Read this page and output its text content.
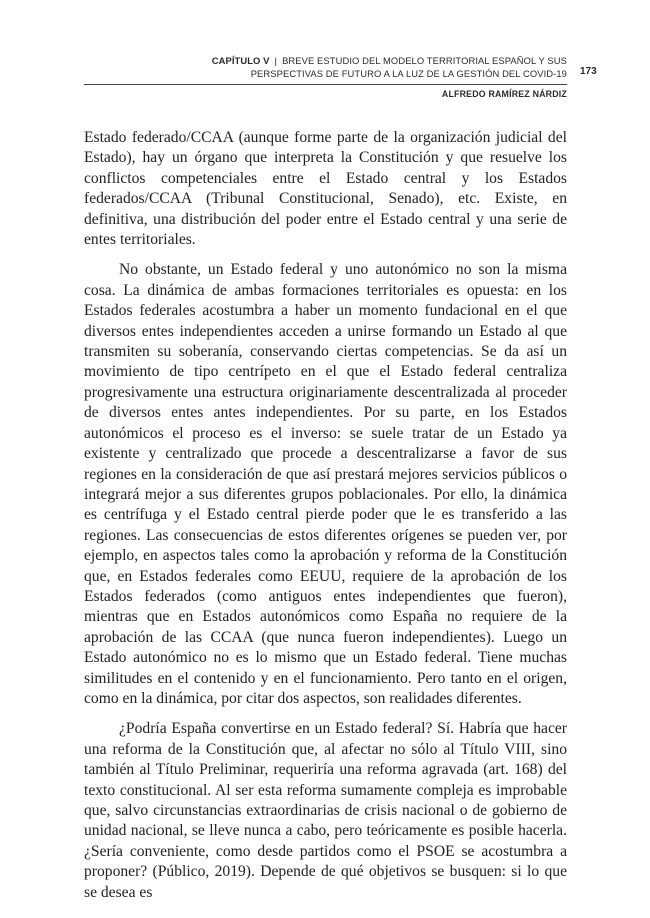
CAPÍTULO V | BREVE ESTUDIO DEL MODELO TERRITORIAL ESPAÑOL Y SUS PERSPECTIVAS DE FUTURO A LA LUZ DE LA GESTIÓN DEL COVID-19
ALFREDO RAMÍREZ NÁRDIZ
173

Estado federado/CCAA (aunque forme parte de la organización judicial del Estado), hay un órgano que interpreta la Constitución y que resuelve los conflictos competenciales entre el Estado central y los Estados federados/CCAA (Tribunal Constitucional, Senado), etc. Existe, en definitiva, una distribución del poder entre el Estado central y una serie de entes territoriales.

No obstante, un Estado federal y uno autonómico no son la misma cosa. La dinámica de ambas formaciones territoriales es opuesta: en los Estados federales acostumbra a haber un momento fundacional en el que diversos entes independientes acceden a unirse formando un Estado al que transmiten su soberanía, conservando ciertas competencias. Se da así un movimiento de tipo centrípeto en el que el Estado federal centraliza progresivamente una estructura originariamente descentralizada al proceder de diversos entes antes independientes. Por su parte, en los Estados autonómicos el proceso es el inverso: se suele tratar de un Estado ya existente y centralizado que procede a descentralizarse a favor de sus regiones en la consideración de que así prestará mejores servicios públicos o integrará mejor a sus diferentes grupos poblacionales. Por ello, la dinámica es centrífuga y el Estado central pierde poder que le es transferido a las regiones. Las consecuencias de estos diferentes orígenes se pueden ver, por ejemplo, en aspectos tales como la aprobación y reforma de la Constitución que, en Estados federales como EEUU, requiere de la aprobación de los Estados federados (como antiguos entes independientes que fueron), mientras que en Estados autonómicos como España no requiere de la aprobación de las CCAA (que nunca fueron independientes). Luego un Estado autonómico no es lo mismo que un Estado federal. Tiene muchas similitudes en el contenido y en el funcionamiento. Pero tanto en el origen, como en la dinámica, por citar dos aspectos, son realidades diferentes.

¿Podría España convertirse en un Estado federal? Sí. Habría que hacer una reforma de la Constitución que, al afectar no sólo al Título VIII, sino también al Título Preliminar, requeriría una reforma agravada (art. 168) del texto constitucional. Al ser esta reforma sumamente compleja es improbable que, salvo circunstancias extraordinarias de crisis nacional o de gobierno de unidad nacional, se lleve nunca a cabo, pero teóricamente es posible hacerla. ¿Sería conveniente, como desde partidos como el PSOE se acostumbra a proponer? (Público, 2019). Depende de qué objetivos se busquen: si lo que se desea es
